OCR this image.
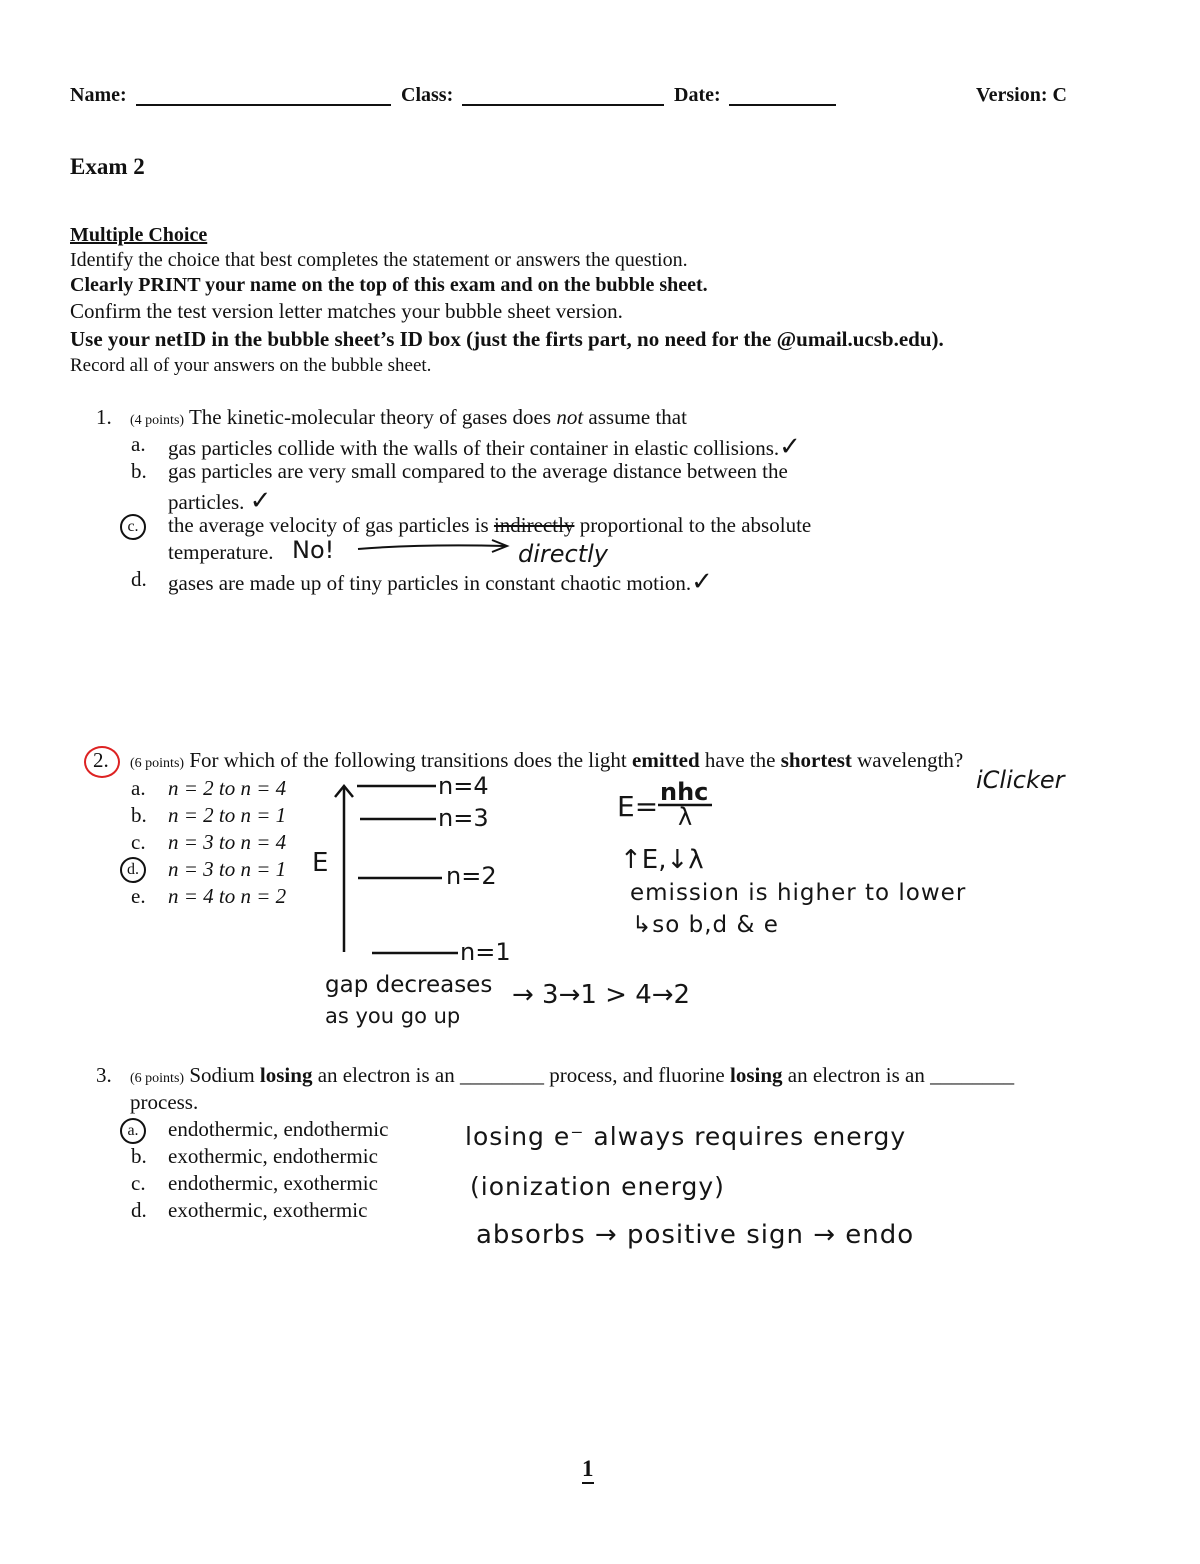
Name:	Class:	Date:	Version: C
Exam 2
Multiple Choice
Identify the choice that best completes the statement or answers the question.
Clearly PRINT your name on the top of this exam and on the bubble sheet.
Confirm the test version letter matches your bubble sheet version.
Use your netID in the bubble sheet’s ID box (just the firts part, no need for the @umail.ucsb.edu).
Record all of your answers on the bubble sheet.
1. (4 points) The kinetic-molecular theory of gases does not assume that
a. gas particles collide with the walls of their container in elastic collisions.✓
b. gas particles are very small compared to the average distance between the
particles. ✓
c.	the average velocity of gas particles is indirectly proportional to the absolute
temperature. No!	directly
d. gases are made up of tiny particles in constant chaotic motion.✓
2. (6 points) For which of the following transitions does the light emitted have the shortest wavelength?
a. n = 2 to n = 4
b. n = 2 to n = 1
c. n = 3 to n = 4
d.	n = 3 to n = 1
e. n = 4 to n = 2
iClicker
E
n=4
n=3
n=2
n=1
E= nhc
λ
↑E,↓λ
emission is higher to lower
↳so b,d & e
gap decreases
as you go up
→ 3→1 > 4→2
3. (6 points) Sodium losing an electron is an ________ process, and fluorine losing an electron is an ________
process.
a.	endothermic, endothermic
b. exothermic, endothermic
c. endothermic, exothermic
d. exothermic, exothermic
losing e⁻ always requires energy
(ionization energy)
absorbs → positive sign → endo
1
